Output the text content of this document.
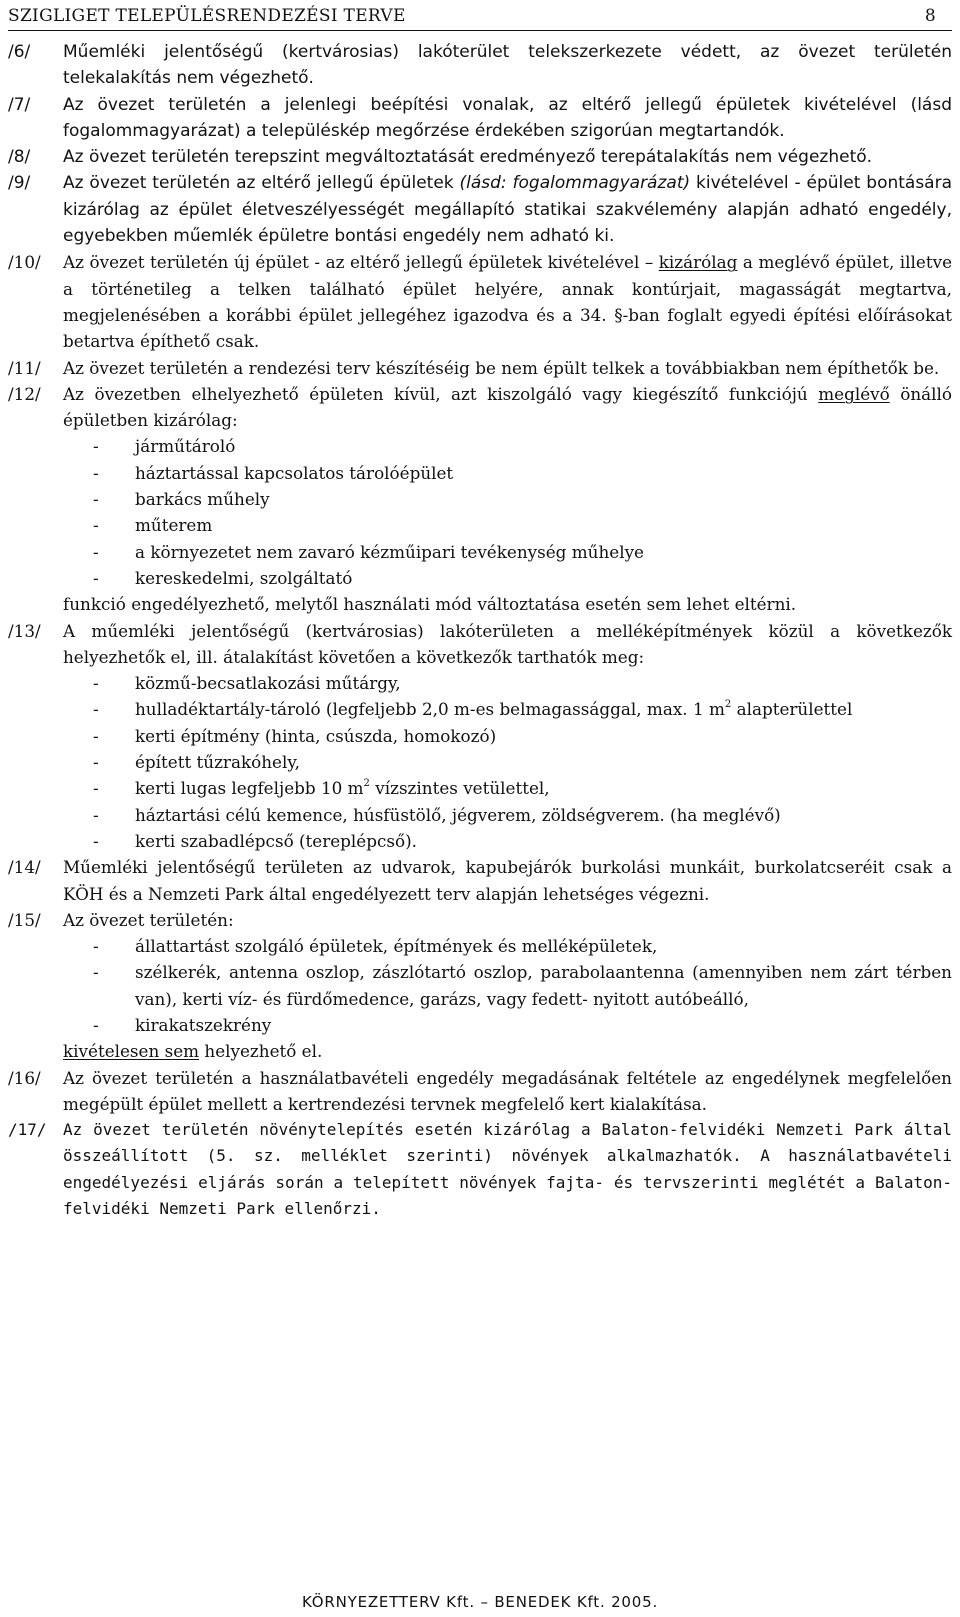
SZIGLIGET TELEPÜLÉSRENDEZÉSI TERVE	8
/6/ Műemléki jelentőségű (kertvárosias) lakóterület telekszerkezete védett, az övezet területén telekalakítás nem végezhető.
/7/ Az övezet területén a jelenlegi beépítési vonalak, az eltérő jellegű épületek kivételével (lásd fogalommagyarázat) a településkép megőrzése érdekében szigorúan megtartandók.
/8/ Az övezet területén terepszint megváltoztatását eredményező terepátalakítás nem végezhető.
/9/ Az övezet területén az eltérő jellegű épületek (lásd: fogalommagyarázat) kivételével - épület bontására kizárólag az épület életveszélyességét megállapító statikai szakvélemény alapján adható engedély, egyebekben műemlék épületre bontási engedély nem adható ki.
/10/ Az övezet területén új épület - az eltérő jellegű épületek kivételével – kizárólag a meglévő épület, illetve a történetileg a telken található épület helyére, annak kontúrjait, magasságát megtartva, megjelenésében a korábbi épület jellegéhez igazodva és a 34. §-ban foglalt egyedi építési előírásokat betartva építhető csak.
/11/ Az övezet területén a rendezési terv készítéséig be nem épült telkek a továbbiakban nem építhetők be.
/12/ Az övezetben elhelyezhető épületen kívül, azt kiszolgáló vagy kiegészítő funkciójú meglévő önálló épületben kizárólag:
- járműtároló
- háztartással kapcsolatos tárolóépület
- barkács műhely
- műterem
- a környezetet nem zavaró kézműipari tevékenység műhelye
- kereskedelmi, szolgáltató
funkció engedélyezhető, melytől használati mód változtatása esetén sem lehet eltérni.
/13/ A műemléki jelentőségű (kertvárosias) lakóterületen a melléképítmények közül a következők helyezhetők el, ill. átalakítást követően a következők tarthatók meg:
- közmű-becsatlakozási műtárgy,
- hulladéktartály-tároló (legfeljebb 2,0 m-es belmagassággal, max. 1 $m^2$ alapterülettel
- kerti építmény (hinta, csúszda, homokozó)
- épített tűzrakóhely,
- kerti lugas legfeljebb 10 $m^2$ vízszintes vetülettel,
- háztartási célú kemence, húsfüstölő, jégverem, zöldségverem. (ha meglévő)
- kerti szabadlépcső (tereplépcső).
/14/ Műemléki jelentőségű területen az udvarok, kapubejárók burkolási munkáit, burkolatcseréit csak a KÖH és a Nemzeti Park által engedélyezett terv alapján lehetséges végezni.
/15/ Az övezet területén:
- állattartást szolgáló épületek, építmények és melléképületek,
- szélkerék, antenna oszlop, zászlótartó oszlop, parabolaantenna (amennyiben nem zárt térben van), kerti víz- és fürdőmedence, garázs, vagy fedett- nyitott autóbeálló,
- kirakatszekrény
kivételesen sem helyezhető el.
/16/ Az övezet területén a használatbavételi engedély megadásának feltétele az engedélynek megfelelően megépült épület mellett a kertrendezési tervnek megfelelő kert kialakítása.
/17/ Az övezet területén növénytelepítés esetén kizárólag a Balaton-felvidéki Nemzeti Park által összeállított (5. sz. melléklet szerinti) növények alkalmazhatók. A használatbavételi engedélyezési eljárás során a telepített növények fajta- és tervszerinti meglétét a Balaton-felvidéki Nemzeti Park ellenőrzi.
KÖRNYEZETTERV Kft. – BENEDEK Kft. 2005.
